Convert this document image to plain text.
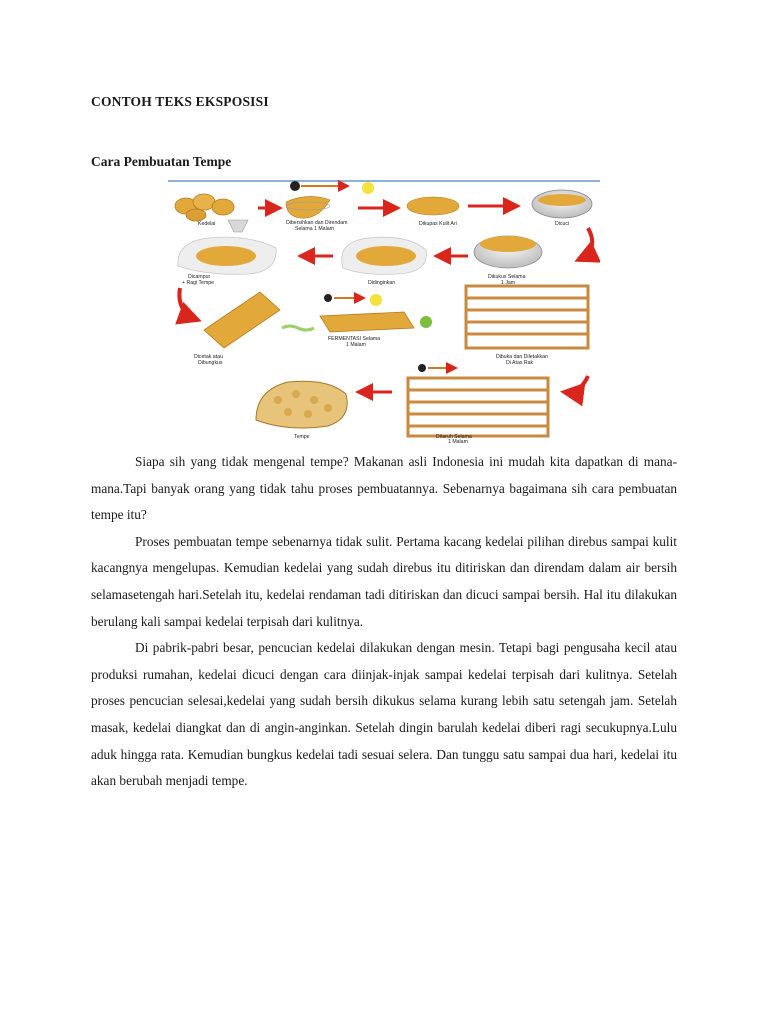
CONTOH TEKS EKSPOSISI
Cara Pembuatan Tempe
Kedelai	Dibersihkan dan Direndam
Selama 1 Malam
Dikupas Kulit Ari	Dicuci
Dikukus Selama
1 Jam
Didinginkan
Dicampur
+ Ragi Tempe
Dicetak atau
Dibungkus
FERMENTASI Selama
1 Malam
Dibuka dan Diletakkan
Di Atas Rak
Ditaruh Selama
1 Malam
Tempe

Siapa sih yang tidak mengenal tempe? Makanan asli Indonesia ini mudah kita dapatkan di mana-mana.Tapi banyak orang yang tidak tahu proses pembuatannya. Sebenarnya bagaimana sih cara pembuatan tempe itu?

Proses pembuatan tempe sebenarnya tidak sulit. Pertama kacang kedelai pilihan direbus sampai kulit kacangnya mengelupas. Kemudian kedelai yang sudah direbus itu ditiriskan dan direndam dalam air bersih selamasetengah hari.Setelah itu, kedelai rendaman tadi ditiriskan dan dicuci sampai bersih. Hal itu dilakukan berulang kali sampai kedelai terpisah dari kulitnya.

Di pabrik-pabri besar, pencucian kedelai dilakukan dengan mesin. Tetapi bagi pengusaha kecil atau produksi rumahan, kedelai dicuci dengan cara diinjak-injak sampai kedelai terpisah dari kulitnya. Setelah proses pencucian selesai,kedelai yang sudah bersih dikukus selama kurang lebih satu setengah jam. Setelah masak, kedelai diangkat dan di angin-anginkan. Setelah dingin barulah kedelai diberi ragi secukupnya.Lulu aduk hingga rata. Kemudian bungkus kedelai tadi sesuai selera. Dan tunggu satu sampai dua hari, kedelai itu akan berubah menjadi tempe.
